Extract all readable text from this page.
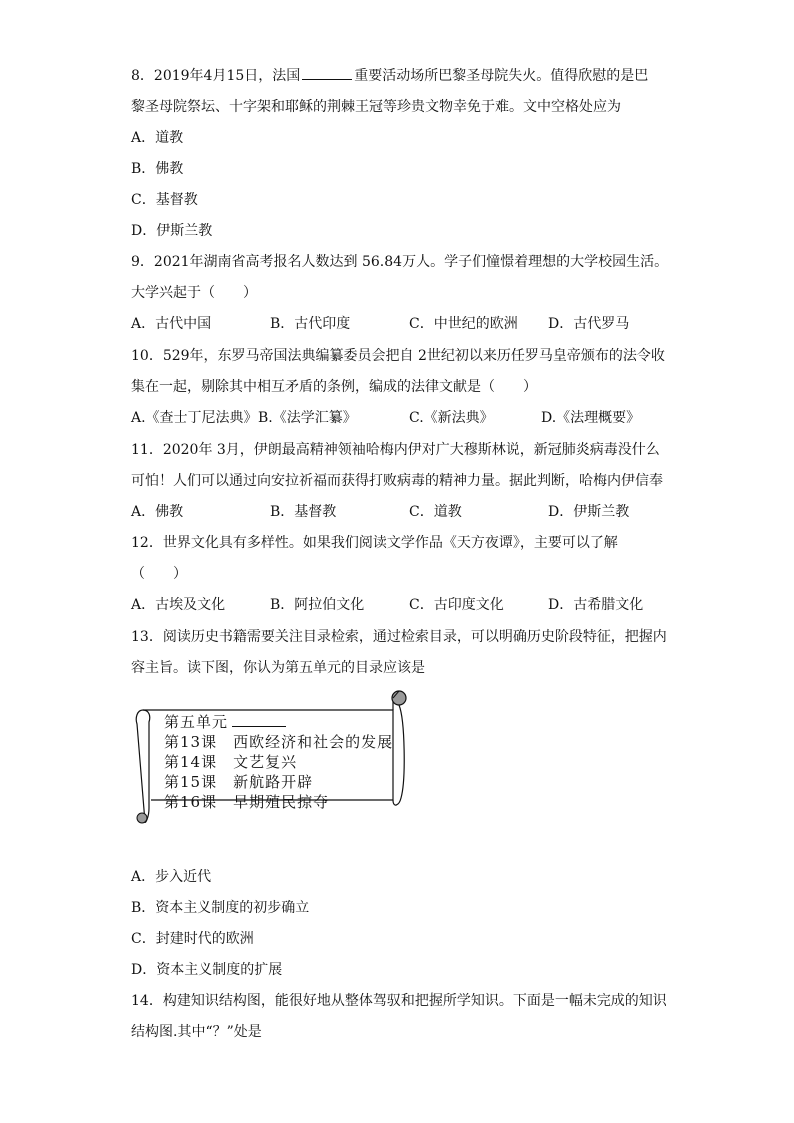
8．2019年4月15日，法国	重要活动场所巴黎圣母院失火。值得欣慰的是巴
黎圣母院祭坛、十字架和耶稣的荆棘王冠等珍贵文物幸免于难。文中空格处应为
A．道教
B．佛教
C．基督教
D．伊斯兰教
9．2021年湖南省高考报名人数达到 56.84万人。学子们憧憬着理想的大学校园生活。
大学兴起于（　　）
A．古代中国	B．古代印度	C．中世纪的欧洲 D．古代罗马
10．529年，东罗马帝国法典编纂委员会把自 2世纪初以来历任罗马皇帝颁布的法令收
集在一起，剔除其中相互矛盾的条例，编成的法律文献是（　　）
A.《查士丁尼法典》 B.《法学汇纂》	C.《新法典》	D.《法理概要》
11．2020年 3月，伊朗最高精神领袖哈梅内伊对广大穆斯林说，新冠肺炎病毒没什么
可怕！人们可以通过向安拉祈福而获得打败病毒的精神力量。据此判断，哈梅内伊信奉
A．佛教	B．基督教	C．道教	D．伊斯兰教
12．世界文化具有多样性。如果我们阅读文学作品《天方夜谭》，主要可以了解
（　　）
A．古埃及文化	B．阿拉伯文化	C．古印度文化	D．古希腊文化
13．阅读历史书籍需要关注目录检索，通过检索目录，可以明确历史阶段特征，把握内
容主旨。读下图，你认为第五单元的目录应该是
第五单元
第13课　西欧经济和社会的发展
第14课　文艺复兴
第15课　新航路开辟
第16课　早期殖民掠夺
A．步入近代
B．资本主义制度的初步确立
C．封建时代的欧洲
D．资本主义制度的扩展
14．构建知识结构图，能很好地从整体驾驭和把握所学知识。下面是一幅未完成的知识
结构图.其中“？”处是
